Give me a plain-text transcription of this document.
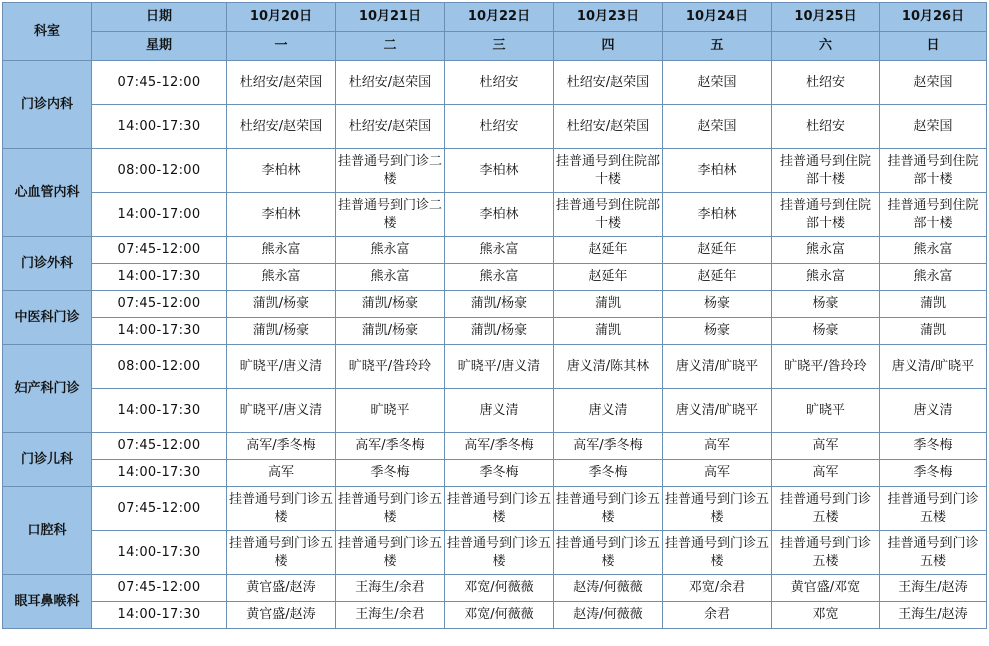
科室	日期	10月20日	10月21日	10月22日	10月23日	10月24日	10月25日	10月26日
	星期	一	二	三	四	五	六	日
门诊内科	07:45-12:00	杜绍安/赵荣国	杜绍安/赵荣国	杜绍安	杜绍安/赵荣国	赵荣国	杜绍安	赵荣国
	14:00-17:30	杜绍安/赵荣国	杜绍安/赵荣国	杜绍安	杜绍安/赵荣国	赵荣国	杜绍安	赵荣国
心血管内科	08:00-12:00	李柏林	挂普通号到门诊二楼	李柏林	挂普通号到住院部十楼	李柏林	挂普通号到住院部十楼	挂普通号到住院部十楼
	14:00-17:00	李柏林	挂普通号到门诊二楼	李柏林	挂普通号到住院部十楼	李柏林	挂普通号到住院部十楼	挂普通号到住院部十楼
门诊外科	07:45-12:00	熊永富	熊永富	熊永富	赵延年	赵延年	熊永富	熊永富
	14:00-17:30	熊永富	熊永富	熊永富	赵延年	赵延年	熊永富	熊永富
中医科门诊	07:45-12:00	蒲凯/杨豪	蒲凯/杨豪	蒲凯/杨豪	蒲凯	杨豪	杨豪	蒲凯
	14:00-17:30	蒲凯/杨豪	蒲凯/杨豪	蒲凯/杨豪	蒲凯	杨豪	杨豪	蒲凯
妇产科门诊	08:00-12:00	旷晓平/唐义清	旷晓平/昝玲玲	旷晓平/唐义清	唐义清/陈其林	唐义清/旷晓平	旷晓平/昝玲玲	唐义清/旷晓平
	14:00-17:30	旷晓平/唐义清	旷晓平	唐义清	唐义清	唐义清/旷晓平	旷晓平	唐义清
门诊儿科	07:45-12:00	高军/季冬梅	高军/季冬梅	高军/季冬梅	高军/季冬梅	高军	高军	季冬梅
	14:00-17:30	高军	季冬梅	季冬梅	季冬梅	高军	高军	季冬梅
口腔科	07:45-12:00	挂普通号到门诊五楼	挂普通号到门诊五楼	挂普通号到门诊五楼	挂普通号到门诊五楼	挂普通号到门诊五楼	挂普通号到门诊五楼	挂普通号到门诊五楼
	14:00-17:30	挂普通号到门诊五楼	挂普通号到门诊五楼	挂普通号到门诊五楼	挂普通号到门诊五楼	挂普通号到门诊五楼	挂普通号到门诊五楼	挂普通号到门诊五楼
眼耳鼻喉科	07:45-12:00	黄官盛/赵涛	王海生/余君	邓宽/何薇薇	赵涛/何薇薇	邓宽/余君	黄官盛/邓宽	王海生/赵涛
	14:00-17:30	黄官盛/赵涛	王海生/余君	邓宽/何薇薇	赵涛/何薇薇	余君	邓宽	王海生/赵涛
